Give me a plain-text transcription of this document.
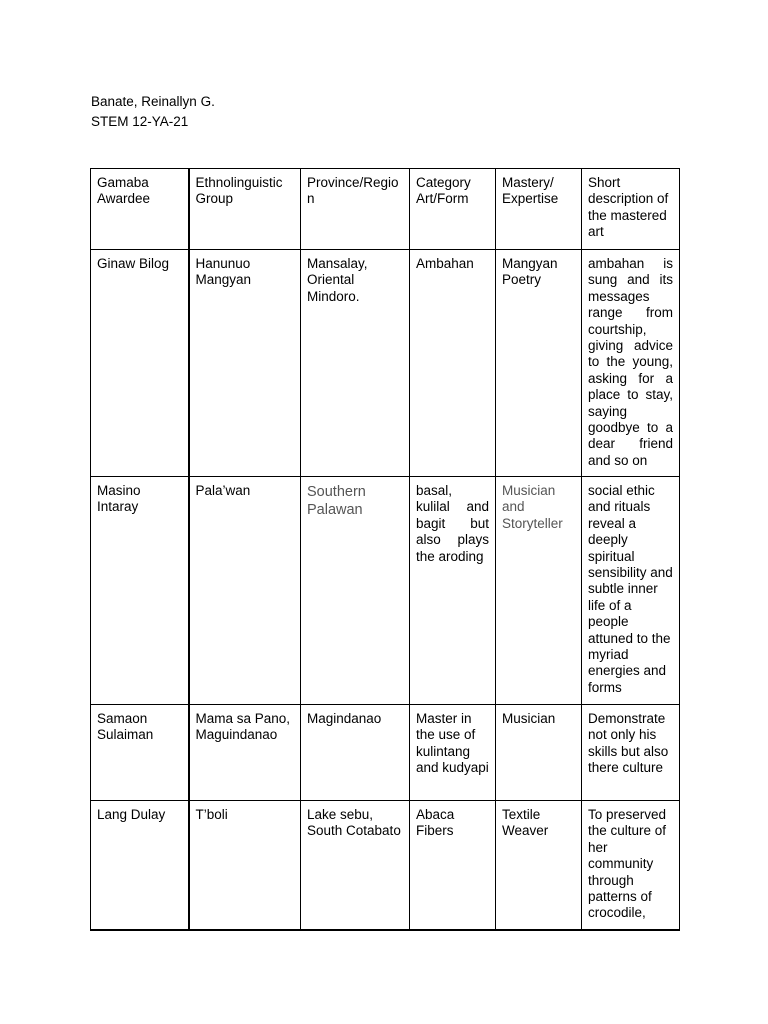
Banate, Reinallyn G.
STEM 12-YA-21
Gamaba Awardee	Ethnolinguistic Group	Province/Region	Category Art/Form	Mastery/ Expertise	Short description of the mastered art

Ginaw Bilog	Hanunuo Mangyan	Mansalay, Oriental Mindoro.	Ambahan	Mangyan Poetry	ambahan is sung and its messages range from courtship, giving advice to the young, asking for a place to stay, saying goodbye to a dear friend and so on

Masino Intaray	Pala’wan	Southern Palawan	basal, kulilal and bagit but also plays the aroding	Musician and Storyteller	social ethic and rituals reveal a deeply spiritual sensibility and subtle inner life of a people attuned to the myriad energies and forms

Samaon Sulaiman	Mama sa Pano, Maguindanao	Magindanao	Master in the use of kulintang and kudyapi	Musician	Demonstrate not only his skills but also there culture

Lang Dulay	T’boli	Lake sebu, South Cotabato	Abaca Fibers	Textile Weaver	To preserved the culture of her community through patterns of crocodile,
